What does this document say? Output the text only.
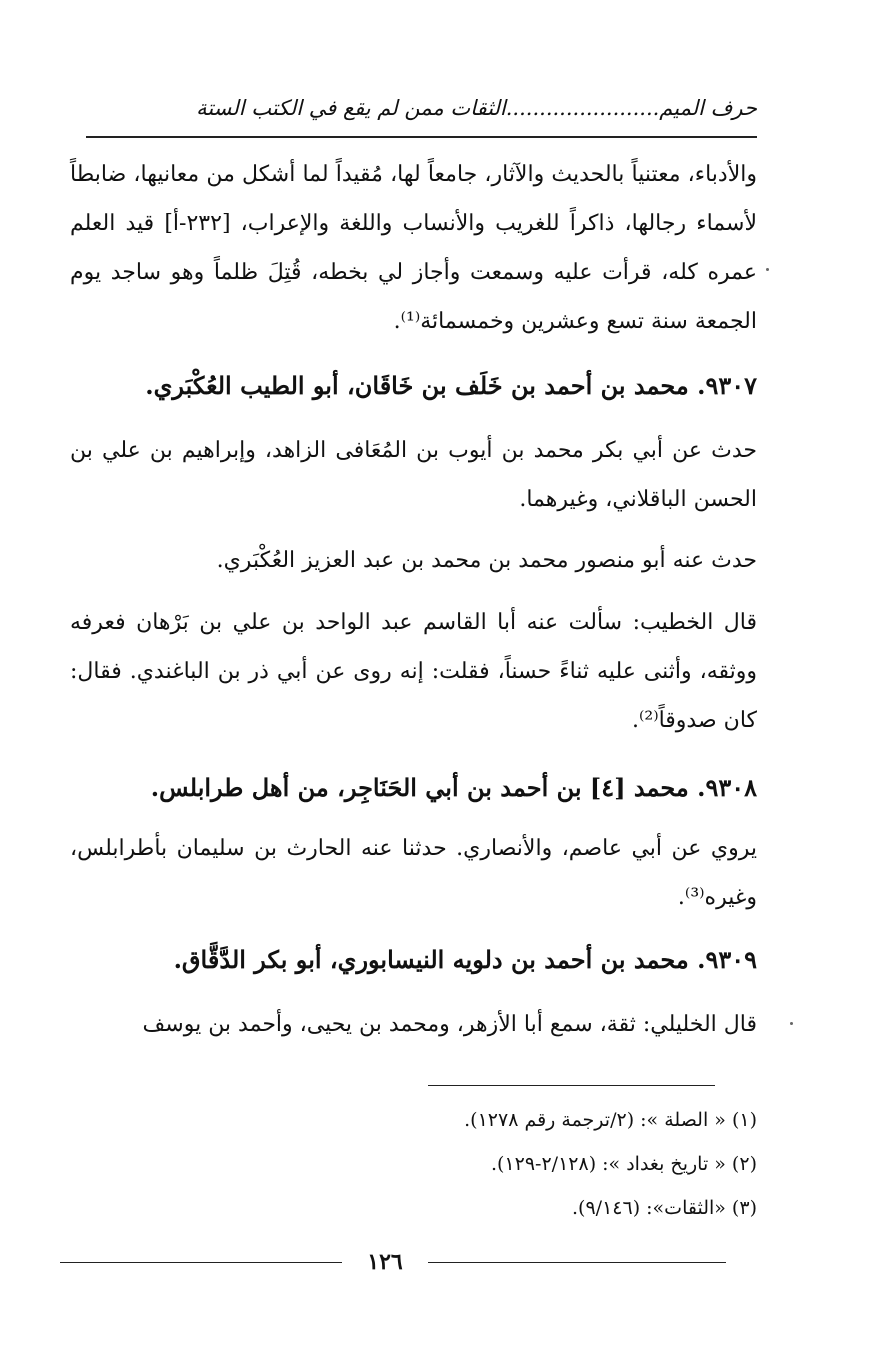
حرف الميم.......................الثقات ممن لم يقع في الكتب الستة
والأدباء، معتنياً بالحديث والآثار، جامعاً لها، مُقيداً لما أشكل من معانيها، ضابطاً لأسماء رجالها، ذاكراً للغريب والأنساب واللغة والإعراب، [٢٣٢-أ] قيد العلم عمره كله، قرأت عليه وسمعت وأجاز لي بخطه، قُتِلَ ظلماً وهو ساجد يوم الجمعة سنة تسع وعشرين وخمسمائة⁽¹⁾.
٩٣٠٧. محمد بن أحمد بن خَلَف بن خَاقَان، أبو الطيب العُكْبَري.
حدث عن أبي بكر محمد بن أيوب بن المُعَافى الزاهد، وإبراهيم بن علي بن الحسن الباقلاني، وغيرهما.
حدث عنه أبو منصور محمد بن محمد بن عبد العزيز العُكْبَري.
قال الخطيب: سألت عنه أبا القاسم عبد الواحد بن علي بن بَرْهان فعرفه ووثقه، وأثنى عليه ثناءً حسناً، فقلت: إنه روى عن أبي ذر بن الباغندي. فقال: كان صدوقاً⁽²⁾.
٩٣٠٨. محمد [٤] بن أحمد بن أبي الحَنَاجِر، من أهل طرابلس.
يروي عن أبي عاصم، والأنصاري. حدثنا عنه الحارث بن سليمان بأطرابلس، وغيره⁽³⁾.
٩٣٠٩. محمد بن أحمد بن دلويه النيسابوري، أبو بكر الدَّقَّاق.
قال الخليلي: ثقة، سمع أبا الأزهر، ومحمد بن يحيى، وأحمد بن يوسف
(١) « الصلة »: (٢/ترجمة رقم ١٢٧٨).
(٢) « تاريخ بغداد »: (٢/١٢٨-١٢٩).
(٣) «الثقات»: (٩/١٤٦).
١٢٦
